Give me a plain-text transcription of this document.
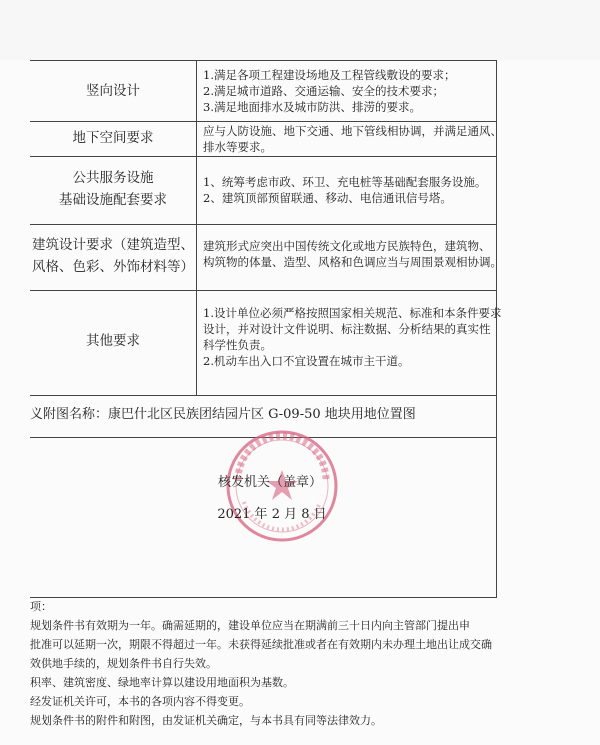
竖向设计
1.满足各项工程建设场地及工程管线敷设的要求；
2.满足城市道路、交通运输、安全的技术要求；
3.满足地面排水及城市防洪、排涝的要求。
地下空间要求	应与人防设施、地下交通、地下管线相协调，并满足通风、
排水等要求。
公共服务设施
基础设施配套要求
1、统筹考虑市政、环卫、充电桩等基础配套服务设施。
2、建筑顶部预留联通、移动、电信通讯信号塔。
建筑设计要求（建筑造型、
风格、色彩、外饰材料等）
建筑形式应突出中国传统文化或地方民族特色，建筑物、
构筑物的体量、造型、风格和色调应当与周围景观相协调。
其他要求
1.设计单位必须严格按照国家相关规范、标准和本条件要求
设计，并对设计文件说明、标注数据、分析结果的真实性
科学性负责。
2.机动车出入口不宜设置在城市主干道。
义附图名称：康巴什北区民族团结园片区 G-09-50 地块用地位置图
核发机关（盖章）
2021 年 2 月 8 日
项：
规划条件书有效期为一年。确需延期的，建设单位应当在期满前三十日内向主管部门提出申
批准可以延期一次，期限不得超过一年。未获得延续批准或者在有效期内未办理土地出让成交确
效供地手续的，规划条件书自行失效。
积率、建筑密度、绿地率计算以建设用地面积为基数。
经发证机关许可，本书的各项内容不得变更。
规划条件书的附件和附图，由发证机关确定，与本书具有同等法律效力。
